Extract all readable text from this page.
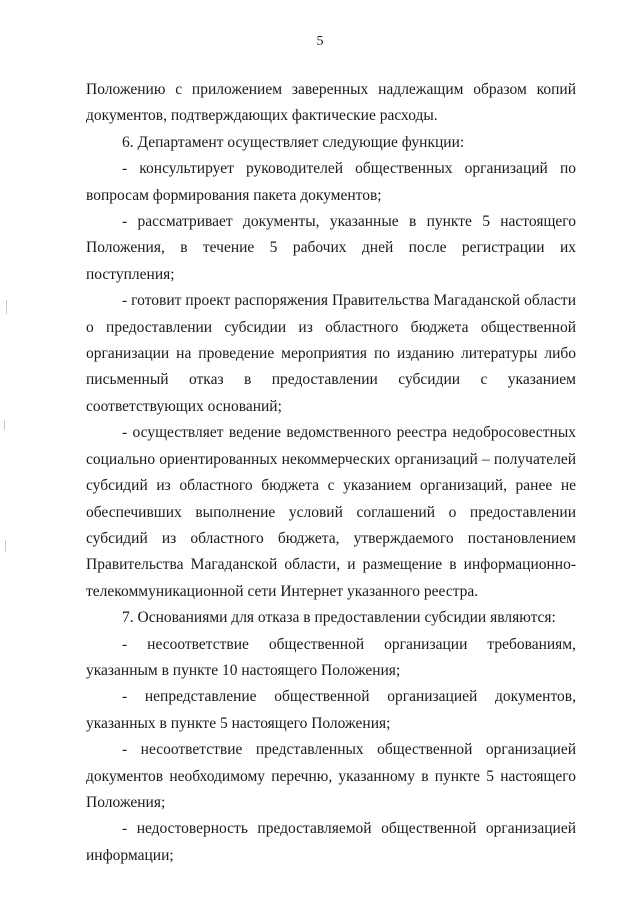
5

Положению с приложением заверенных надлежащим образом копий документов, подтверждающих фактические расходы.

6. Департамент осуществляет следующие функции:

- консультирует руководителей общественных организаций по вопросам формирования пакета документов;

- рассматривает документы, указанные в пункте 5 настоящего Положения, в течение 5 рабочих дней после регистрации их поступления;

- готовит проект распоряжения Правительства Магаданской области о предоставлении субсидии из областного бюджета общественной организации на проведение мероприятия по изданию литературы либо письменный отказ в предоставлении субсидии с указанием соответствующих оснований;

- осуществляет ведение ведомственного реестра недобросовестных социально ориентированных некоммерческих организаций – получателей субсидий из областного бюджета с указанием организаций, ранее не обеспечивших выполнение условий соглашений о предоставлении субсидий из областного бюджета, утверждаемого постановлением Правительства Магаданской области, и размещение в информационно-телекоммуникационной сети Интернет указанного реестра.

7. Основаниями для отказа в предоставлении субсидии являются:

- несоответствие общественной организации требованиям, указанным в пункте 10 настоящего Положения;

- непредставление общественной организацией документов, указанных в пункте 5 настоящего Положения;

- несоответствие представленных общественной организацией документов необходимому перечню, указанному в пункте 5 настоящего Положения;

- недостоверность предоставляемой общественной организацией информации;
